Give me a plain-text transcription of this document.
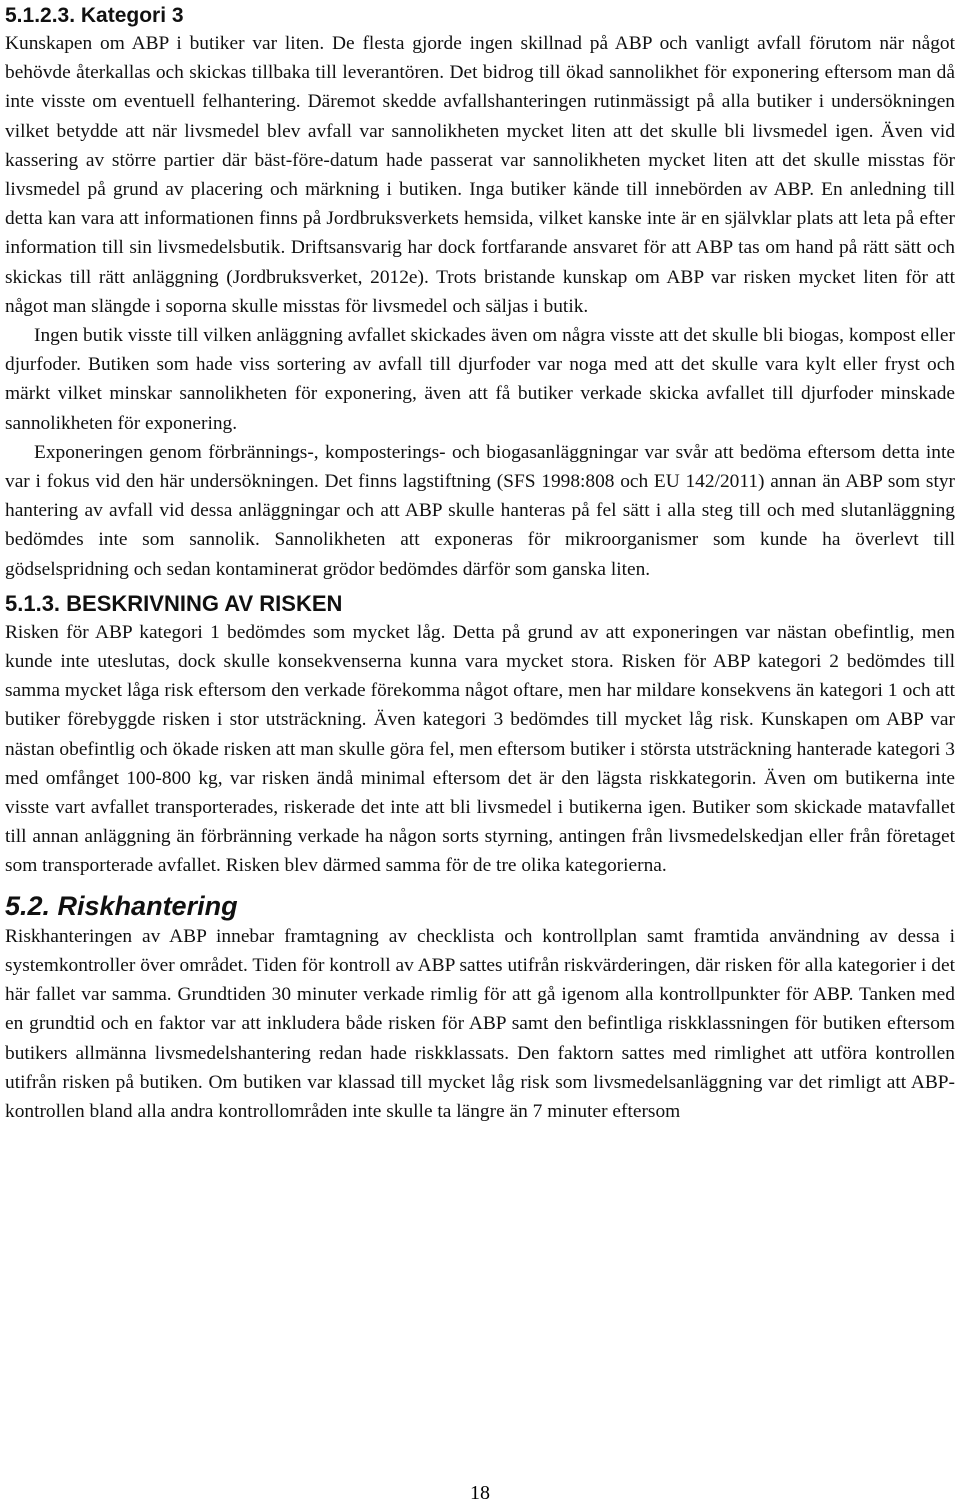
5.1.2.3. Kategori 3

Kunskapen om ABP i butiker var liten. De flesta gjorde ingen skillnad på ABP och vanligt avfall förutom när något behövde återkallas och skickas tillbaka till leverantören. Det bidrog till ökad sannolikhet för exponering eftersom man då inte visste om eventuell felhantering. Däremot skedde avfallshanteringen rutinmässigt på alla butiker i undersökningen vilket betydde att när livsmedel blev avfall var sannolikheten mycket liten att det skulle bli livsmedel igen. Även vid kassering av större partier där bäst-före-datum hade passerat var sannolikheten mycket liten att det skulle misstas för livsmedel på grund av placering och märkning i butiken. Inga butiker kände till innebörden av ABP. En anledning till detta kan vara att informationen finns på Jordbruksverkets hemsida, vilket kanske inte är en självklar plats att leta på efter information till sin livsmedelsbutik. Driftsansvarig har dock fortfarande ansvaret för att ABP tas om hand på rätt sätt och skickas till rätt anläggning (Jordbruksverket, 2012e). Trots bristande kunskap om ABP var risken mycket liten för att något man slängde i soporna skulle misstas för livsmedel och säljas i butik.

Ingen butik visste till vilken anläggning avfallet skickades även om några visste att det skulle bli biogas, kompost eller djurfoder. Butiken som hade viss sortering av avfall till djurfoder var noga med att det skulle vara kylt eller fryst och märkt vilket minskar sannolikheten för exponering, även att få butiker verkade skicka avfallet till djurfoder minskade sannolikheten för exponering.

Exponeringen genom förbrännings-, komposterings- och biogasanläggningar var svår att bedöma eftersom detta inte var i fokus vid den här undersökningen. Det finns lagstiftning (SFS 1998:808 och EU 142/2011) annan än ABP som styr hantering av avfall vid dessa anläggningar och att ABP skulle hanteras på fel sätt i alla steg till och med slutanläggning bedömdes inte som sannolik. Sannolikheten att exponeras för mikroorganismer som kunde ha överlevt till gödselspridning och sedan kontaminerat grödor bedömdes därför som ganska liten.

5.1.3. BESKRIVNING AV RISKEN

Risken för ABP kategori 1 bedömdes som mycket låg. Detta på grund av att exponeringen var nästan obefintlig, men kunde inte uteslutas, dock skulle konsekvenserna kunna vara mycket stora. Risken för ABP kategori 2 bedömdes till samma mycket låga risk eftersom den verkade förekomma något oftare, men har mildare konsekvens än kategori 1 och att butiker förebyggde risken i stor utsträckning. Även kategori 3 bedömdes till mycket låg risk. Kunskapen om ABP var nästan obefintlig och ökade risken att man skulle göra fel, men eftersom butiker i största utsträckning hanterade kategori 3 med omfånget 100-800 kg, var risken ändå minimal eftersom det är den lägsta riskkategorin. Även om butikerna inte visste vart avfallet transporterades, riskerade det inte att bli livsmedel i butikerna igen. Butiker som skickade matavfallet till annan anläggning än förbränning verkade ha någon sorts styrning, antingen från livsmedelskedjan eller från företaget som transporterade avfallet. Risken blev därmed samma för de tre olika kategorierna.

5.2. Riskhantering

Riskhanteringen av ABP innebar framtagning av checklista och kontrollplan samt framtida användning av dessa i systemkontroller över området. Tiden för kontroll av ABP sattes utifrån riskvärderingen, där risken för alla kategorier i det här fallet var samma. Grundtiden 30 minuter verkade rimlig för att gå igenom alla kontrollpunkter för ABP. Tanken med en grundtid och en faktor var att inkludera både risken för ABP samt den befintliga riskklassningen för butiken eftersom butikers allmänna livsmedelshantering redan hade riskklassats. Den faktorn sattes med rimlighet att utföra kontrollen utifrån risken på butiken. Om butiken var klassad till mycket låg risk som livsmedelsanläggning var det rimligt att ABP-kontrollen bland alla andra kontrollområden inte skulle ta längre än 7 minuter eftersom

18
